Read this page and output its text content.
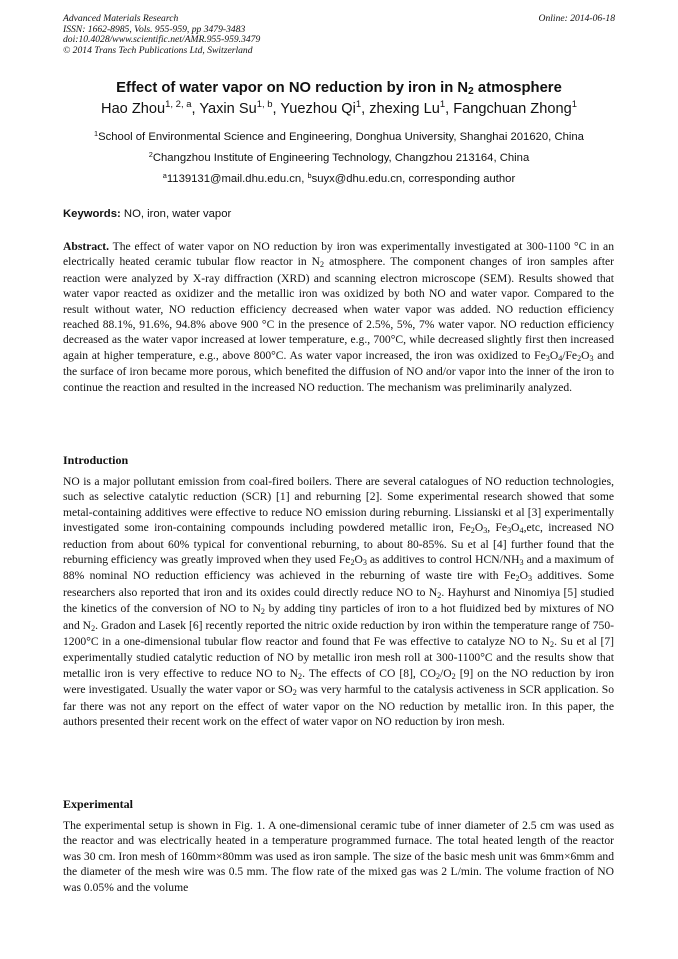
Advanced Materials Research
ISSN: 1662-8985, Vols. 955-959, pp 3479-3483
doi:10.4028/www.scientific.net/AMR.955-959.3479
© 2014 Trans Tech Publications Ltd, Switzerland
Online: 2014-06-18
Effect of water vapor on NO reduction by iron in $N_2$ atmosphere
Hao Zhou$^{1, 2, a}$, Yaxin Su$^{1, b}$, Yuezhou Qi$^1$, zhexing Lu$^1$, Fangchuan Zhong$^1$
$^1$School of Environmental Science and Engineering, Donghua University, Shanghai 201620, China
$^2$Changzhou Institute of Engineering Technology, Changzhou 213164, China
$^a$1139131@mail.dhu.edu.cn, $^b$suyx@dhu.edu.cn, corresponding author
Keywords: NO, iron, water vapor
Abstract. The effect of water vapor on NO reduction by iron was experimentally investigated at 300-1100 °C in an electrically heated ceramic tubular flow reactor in $N_2$ atmosphere. The component changes of iron samples after reaction were analyzed by X-ray diffraction (XRD) and scanning electron microscope (SEM). Results showed that water vapor reacted as oxidizer and the metallic iron was oxidized by both NO and water vapor. Compared to the result without water, NO reduction efficiency decreased when water vapor was added. NO reduction efficiency reached 88.1%, 91.6%, 94.8% above 900 °C in the presence of 2.5%, 5%, 7% water vapor. NO reduction efficiency decreased as the water vapor increased at lower temperature, e.g., 700°C, while decreased slightly first then increased again at higher temperature, e.g., above 800°C. As water vapor increased, the iron was oxidized to $Fe_3O_4/Fe_2O_3$ and the surface of iron became more porous, which benefited the diffusion of NO and/or vapor into the inner of the iron to continue the reaction and resulted in the increased NO reduction. The mechanism was preliminarily analyzed.
Introduction
NO is a major pollutant emission from coal-fired boilers. There are several catalogues of NO reduction technologies, such as selective catalytic reduction (SCR) [1] and reburning [2]. Some experimental research showed that some metal-containing additives were effective to reduce NO emission during reburning. Lissianski et al [3] experimentally investigated some iron-containing compounds including powdered metallic iron, $Fe_2O_3$, $Fe_3O_4,etc$, increased NO reduction from about 60% typical for conventional reburning, to about 80-85%. Su et al [4] further found that the reburning efficiency was greatly improved when they used $Fe_2O_3$ as additives to control HCN/$NH_3$ and a maximum of 88% nominal NO reduction efficiency was achieved in the reburning of waste tire with $Fe_2O_3$ additives. Some researchers also reported that iron and its oxides could directly reduce NO to $N_2$. Hayhurst and Ninomiya [5] studied the kinetics of the conversion of NO to $N_2$ by adding tiny particles of iron to a hot fluidized bed by mixtures of NO and $N_2$. Gradon and Lasek [6] recently reported the nitric oxide reduction by iron within the temperature range of 750-1200°C in a one-dimensional tubular flow reactor and found that Fe was effective to catalyze NO to $N_2$. Su et al [7] experimentally studied catalytic reduction of NO by metallic iron mesh roll at 300-1100°C and the results show that metallic iron is very effective to reduce NO to $N_2$. The effects of CO [8], $CO_2/O_2$ [9] on the NO reduction by iron were investigated. Usually the water vapor or $SO_2$ was very harmful to the catalysis activeness in SCR application. So far there was not any report on the effect of water vapor on the NO reduction by metallic iron. In this paper, the authors presented their recent work on the effect of water vapor on NO reduction by iron mesh.
Experimental
The experimental setup is shown in Fig. 1. A one-dimensional ceramic tube of inner diameter of 2.5 cm was used as the reactor and was electrically heated in a temperature programmed furnace. The total heated length of the reactor was 30 cm. Iron mesh of 160mm×80mm was used as iron sample. The size of the basic mesh unit was 6mm×6mm and the diameter of the mesh wire was 0.5 mm. The flow rate of the mixed gas was 2 L/min. The volume fraction of NO was 0.05% and the volume
